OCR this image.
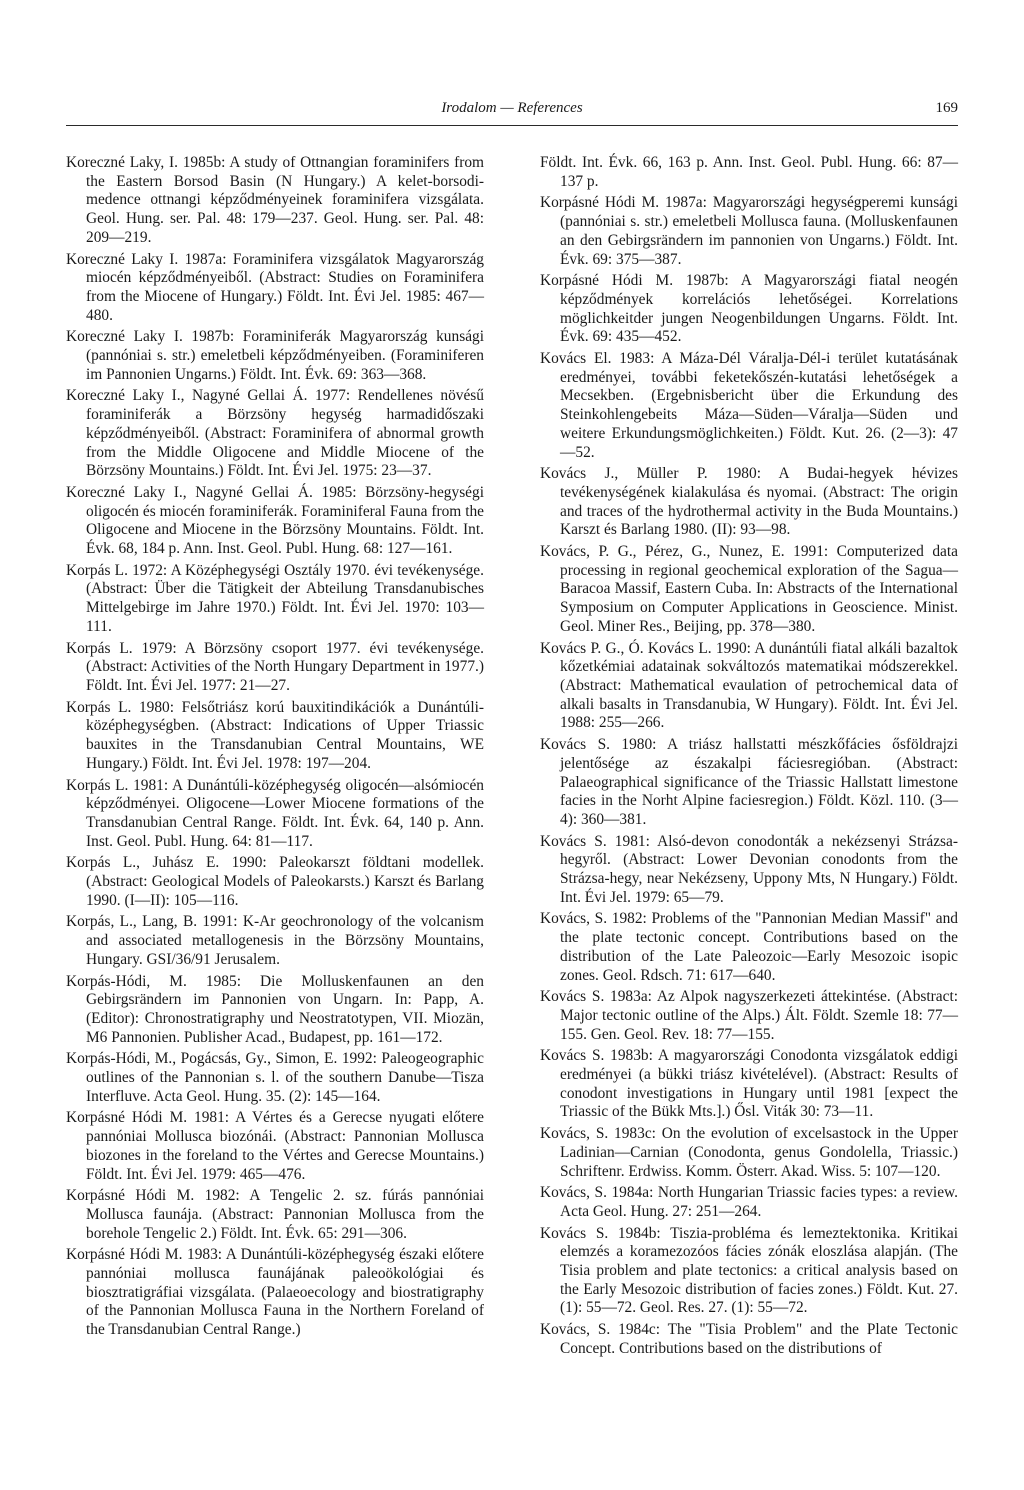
Irodalom — References	169

Koreczné Laky, I. 1985b: A study of Ottnangian foraminifers from the Eastern Borsod Basin (N Hungary.) A kelet-borsodi-medence ottnangi képződményeinek foraminifera vizsgálata. Geol. Hung. ser. Pal. 48: 179—237. Geol. Hung. ser. Pal. 48: 209—219.

Koreczné Laky I. 1987a: Foraminifera vizsgálatok Magyarország miocén képződményeiből. (Abstract: Studies on Foraminifera from the Miocene of Hungary.) Földt. Int. Évi Jel. 1985: 467—480.

Koreczné Laky I. 1987b: Foraminiferák Magyarország kunsági (pannóniai s. str.) emeletbeli képződményeiben. (Foraminiferen im Pannonien Ungarns.) Földt. Int. Évk. 69: 363—368.

Koreczné Laky I., Nagyné Gellai Á. 1977: Rendellenes növésű foraminiferák a Börzsöny hegység harmadidőszaki képződményeiből. (Abstract: Foraminifera of abnormal growth from the Middle Oligocene and Middle Miocene of the Börzsöny Mountains.) Földt. Int. Évi Jel. 1975: 23—37.

Koreczné Laky I., Nagyné Gellai Á. 1985: Börzsöny-hegységi oligocén és miocén foraminiferák. Foraminiferal Fauna from the Oligocene and Miocene in the Börzsöny Mountains. Földt. Int. Évk. 68, 184 p. Ann. Inst. Geol. Publ. Hung. 68: 127—161.

Korpás L. 1972: A Középhegységi Osztály 1970. évi tevékenysége. (Abstract: Über die Tätigkeit der Abteilung Transdanubisches Mittelgebirge im Jahre 1970.) Földt. Int. Évi Jel. 1970: 103—111.

Korpás L. 1979: A Börzsöny csoport 1977. évi tevékenysége. (Abstract: Activities of the North Hungary Department in 1977.) Földt. Int. Évi Jel. 1977: 21—27.

Korpás L. 1980: Felsőtriász korú bauxitindikációk a Dunántúli-középhegységben. (Abstract: Indications of Upper Triassic bauxites in the Transdanubian Central Mountains, WE Hungary.) Földt. Int. Évi Jel. 1978: 197—204.

Korpás L. 1981: A Dunántúli-középhegység oligocén—alsómiocén képződményei. Oligocene—Lower Miocene formations of the Transdanubian Central Range. Földt. Int. Évk. 64, 140 p. Ann. Inst. Geol. Publ. Hung. 64: 81—117.

Korpás L., Juhász E. 1990: Paleokarszt földtani modellek. (Abstract: Geological Models of Paleokarsts.) Karszt és Barlang 1990. (I—II): 105—116.

Korpás, L., Lang, B. 1991: K-Ar geochronology of the volcanism and associated metallogenesis in the Börzsöny Mountains, Hungary. GSI/36/91 Jerusalem.

Korpás-Hódi, M. 1985: Die Molluskenfaunen an den Gebirgsrändern im Pannonien von Ungarn. In: Papp, A. (Editor): Chronostratigraphy und Neostratotypen, VII. Miozän, M6 Pannonien. Publisher Acad., Budapest, pp. 161—172.

Korpás-Hódi, M., Pogácsás, Gy., Simon, E. 1992: Paleogeographic outlines of the Pannonian s. l. of the southern Danube—Tisza Interfluve. Acta Geol. Hung. 35. (2): 145—164.

Korpásné Hódi M. 1981: A Vértes és a Gerecse nyugati előtere pannóniai Mollusca biozónái. (Abstract: Pannonian Mollusca biozones in the foreland to the Vértes and Gerecse Mountains.) Földt. Int. Évi Jel. 1979: 465—476.

Korpásné Hódi M. 1982: A Tengelic 2. sz. fúrás pannóniai Mollusca faunája. (Abstract: Pannonian Mollusca from the borehole Tengelic 2.) Földt. Int. Évk. 65: 291—306.

Korpásné Hódi M. 1983: A Dunántúli-középhegység északi előtere pannóniai mollusca faunájának paleoökológiai és biosztratigráfiai vizsgálata. (Palaeoecology and biostratigraphy of the Pannonian Mollusca Fauna in the Northern Foreland of the Transdanubian Central Range.)

Földt. Int. Évk. 66, 163 p. Ann. Inst. Geol. Publ. Hung. 66: 87—137 p.

Korpásné Hódi M. 1987a: Magyarországi hegységperemi kunsági (pannóniai s. str.) emeletbeli Mollusca fauna. (Molluskenfaunen an den Gebirgsrändern im pannonien von Ungarns.) Földt. Int. Évk. 69: 375—387.

Korpásné Hódi M. 1987b: A Magyarországi fiatal neogén képződmények korrelációs lehetőségei. Korrelations möglichkeitder jungen Neogenbildungen Ungarns. Földt. Int. Évk. 69: 435—452.

Kovács El. 1983: A Máza-Dél Váralja-Dél-i terület kutatásának eredményei, további feketekőszén-kutatási lehetőségek a Mecsekben. (Ergebnisbericht über die Erkundung des Steinkohlengebeits Máza—Süden—Váralja—Süden und weitere Erkundungsmöglichkeiten.) Földt. Kut. 26. (2—3): 47—52.

Kovács J., Müller P. 1980: A Budai-hegyek hévizes tevékenységének kialakulása és nyomai. (Abstract: The origin and traces of the hydrothermal activity in the Buda Mountains.) Karszt és Barlang 1980. (II): 93—98.

Kovács, P. G., Pérez, G., Nunez, E. 1991: Computerized data processing in regional geochemical exploration of the Sagua—Baracoa Massif, Eastern Cuba. In: Abstracts of the International Symposium on Computer Applications in Geoscience. Minist. Geol. Miner Res., Beijing, pp. 378—380.

Kovács P. G., Ó. Kovács L. 1990: A dunántúli fiatal alkáli bazaltok kőzetkémiai adatainak sokváltozós matematikai módszerekkel. (Abstract: Mathematical evaulation of petrochemical data of alkali basalts in Transdanubia, W Hungary). Földt. Int. Évi Jel. 1988: 255—266.

Kovács S. 1980: A triász hallstatti mészkőfácies ősföldrajzi jelentősége az északalpi fáciesregióban. (Abstract: Palaeographical significance of the Triassic Hallstatt limestone facies in the Norht Alpine faciesregion.) Földt. Közl. 110. (3—4): 360—381.

Kovács S. 1981: Alsó-devon conodonták a nekézsenyi Strázsa-hegyről. (Abstract: Lower Devonian conodonts from the Strázsa-hegy, near Nekézseny, Uppony Mts, N Hungary.) Földt. Int. Évi Jel. 1979: 65—79.

Kovács, S. 1982: Problems of the "Pannonian Median Massif" and the plate tectonic concept. Contributions based on the distribution of the Late Paleozoic—Early Mesozoic isopic zones. Geol. Rdsch. 71: 617—640.

Kovács S. 1983a: Az Alpok nagyszerkezeti áttekintése. (Abstract: Major tectonic outline of the Alps.) Ált. Földt. Szemle 18: 77—155. Gen. Geol. Rev. 18: 77—155.

Kovács S. 1983b: A magyarországi Conodonta vizsgálatok eddigi eredményei (a bükki triász kivételével). (Abstract: Results of conodont investigations in Hungary until 1981 [expect the Triassic of the Bükk Mts.].) Ősl. Viták 30: 73—11.

Kovács, S. 1983c: On the evolution of excelsastock in the Upper Ladinian—Carnian (Conodonta, genus Gondolella, Triassic.) Schriftenr. Erdwiss. Komm. Österr. Akad. Wiss. 5: 107—120.

Kovács, S. 1984a: North Hungarian Triassic facies types: a review. Acta Geol. Hung. 27: 251—264.

Kovács S. 1984b: Tiszia-probléma és lemeztektonika. Kritikai elemzés a koramezozóos fácies zónák eloszlása alapján. (The Tisia problem and plate tectonics: a critical analysis based on the Early Mesozoic distribution of facies zones.) Földt. Kut. 27. (1): 55—72. Geol. Res. 27. (1): 55—72.

Kovács, S. 1984c: The "Tisia Problem" and the Plate Tectonic Concept. Contributions based on the distributions of
